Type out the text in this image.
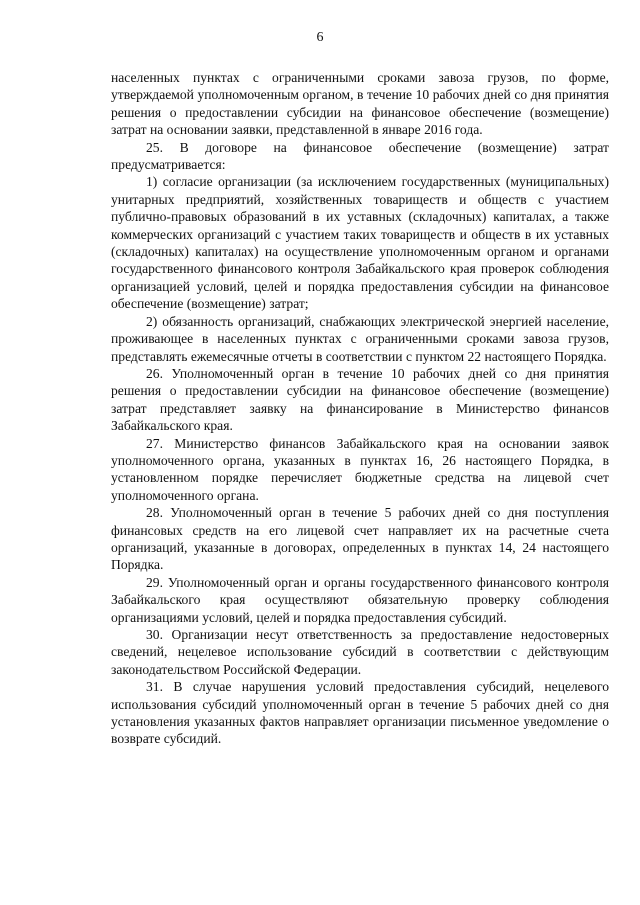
6

населенных пунктах с ограниченными сроками завоза грузов, по форме, утверждаемой уполномоченным органом, в течение 10 рабочих дней со дня принятия решения о предоставлении субсидии на финансовое обеспечение (возмещение) затрат на основании заявки, представленной в январе 2016 года.

25. В договоре на финансовое обеспечение (возмещение) затрат предусматривается:

1) согласие организации (за исключением государственных (муниципальных) унитарных предприятий, хозяйственных товариществ и обществ с участием публично-правовых образований в их уставных (складочных) капиталах, а также коммерческих организаций с участием таких товариществ и обществ в их уставных (складочных) капиталах) на осуществление уполномоченным органом и органами государственного финансового контроля Забайкальского края проверок соблюдения организацией условий, целей и порядка предоставления субсидии на финансовое обеспечение (возмещение) затрат;

2) обязанность организаций, снабжающих электрической энергией население, проживающее в населенных пунктах с ограниченными сроками завоза грузов, представлять ежемесячные отчеты в соответствии с пунктом 22 настоящего Порядка.

26. Уполномоченный орган в течение 10 рабочих дней со дня принятия решения о предоставлении субсидии на финансовое обеспечение (возмещение) затрат представляет заявку на финансирование в Министерство финансов Забайкальского края.

27. Министерство финансов Забайкальского края на основании заявок уполномоченного органа, указанных в пунктах 16, 26 настоящего Порядка, в установленном порядке перечисляет бюджетные средства на лицевой счет уполномоченного органа.

28. Уполномоченный орган в течение 5 рабочих дней со дня поступления финансовых средств на его лицевой счет направляет их на расчетные счета организаций, указанные в договорах, определенных в пунктах 14, 24 настоящего Порядка.

29. Уполномоченный орган и органы государственного финансового контроля Забайкальского края осуществляют обязательную проверку соблюдения организациями условий, целей и порядка предоставления субсидий.

30. Организации несут ответственность за предоставление недостоверных сведений, нецелевое использование субсидий в соответствии с действующим законодательством Российской Федерации.

31. В случае нарушения условий предоставления субсидий, нецелевого использования субсидий уполномоченный орган в течение 5 рабочих дней со дня установления указанных фактов направляет организации письменное уведомление о возврате субсидий.
